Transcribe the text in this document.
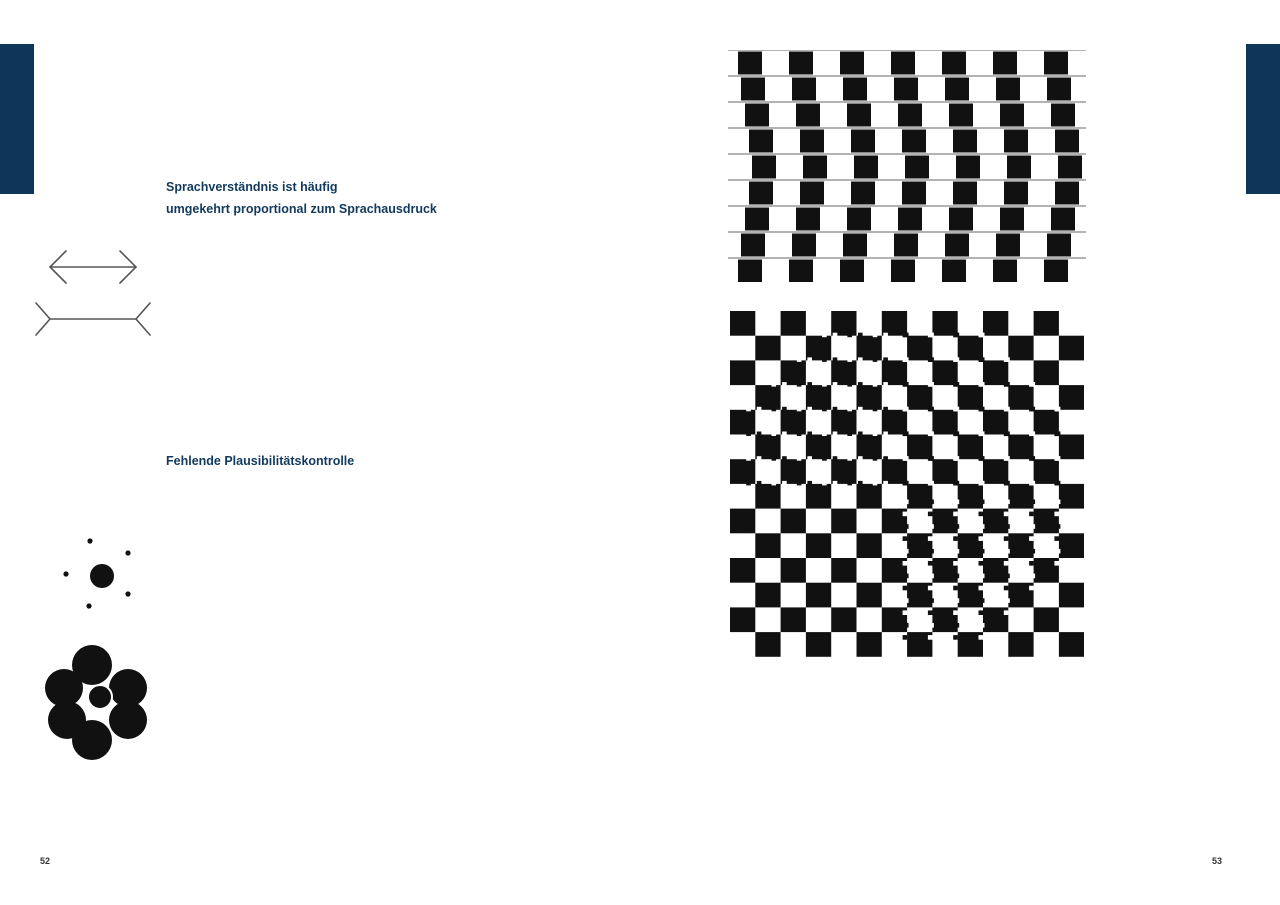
Sprachverständnis ist häufig
umgekehrt proportional zum Sprachausdruck

Fehlende Plausibilitätskontrolle

52	53
